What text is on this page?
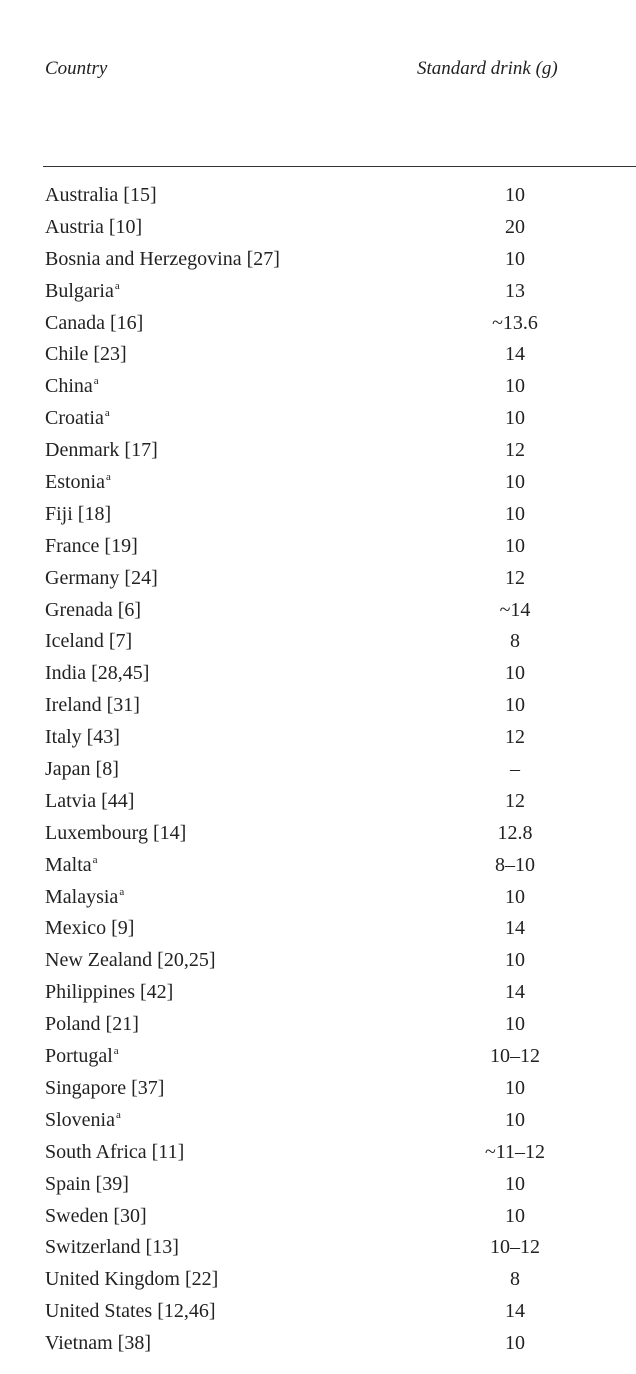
Country	Standard drink (g)
Australia [15]	10
Austria [10]	20
Bosnia and Herzegovina [27]	10
Bulgaria$^a$	13
Canada [16]	~13.6
Chile [23]	14
China$^a$	10
Croatia$^a$	10
Denmark [17]	12
Estonia$^a$	10
Fiji [18]	10
France [19]	10
Germany [24]	12
Grenada [6]	~14
Iceland [7]	8
India [28,45]	10
Ireland [31]	10
Italy [43]	12
Japan [8]	–
Latvia [44]	12
Luxembourg [14]	12.8
Malta$^a$	8–10
Malaysia$^a$	10
Mexico [9]	14
New Zealand [20,25]	10
Philippines [42]	14
Poland [21]	10
Portugal$^a$	10–12
Singapore [37]	10
Slovenia$^a$	10
South Africa [11]	~11–12
Spain [39]	10
Sweden [30]	10
Switzerland [13]	10–12
United Kingdom [22]	8
United States [12,46]	14
Vietnam [38]	10
